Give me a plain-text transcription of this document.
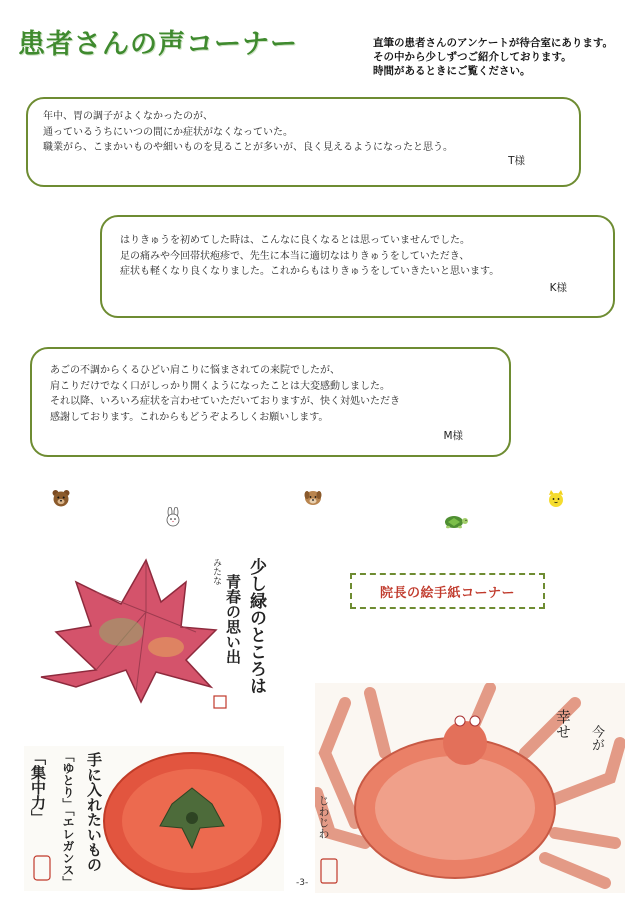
患者さんの声コーナー	直筆の患者さんのアンケートが待合室にあります。
その中から少しずつご紹介しております。
時間があるときにご覧ください。
年中、胃の調子がよくなかったのが、
通っているうちにいつの間にか症状がなくなっていた。
職業がら、こまかいものや細いものを見ることが多いが、良く見えるようになったと思う。
T様
はりきゅうを初めてした時は、こんなに良くなるとは思っていませんでした。
足の痛みや今回帯状疱疹で、先生に本当に適切なはりきゅうをしていただき、
症状も軽くなり良くなりました。これからもはりきゅうをしていきたいと思います。
K様
あごの不調からくるひどい肩こりに悩まされての来院でしたが、
肩こりだけでなく口がしっかり開くようになったことは大変感動しました。
それ以降、いろいろ症状を言わせていただいておりますが、快く対処いただき
感謝しております。これからもどうぞよろしくお願いします。
M様
少し緑のところは
青春の思い出
みたな
手に入れたいもの
「ゆとり」「エレガンス」
「集中力」
院長の絵手紙コーナー
今が
幸せ
じわじわ
-3-
